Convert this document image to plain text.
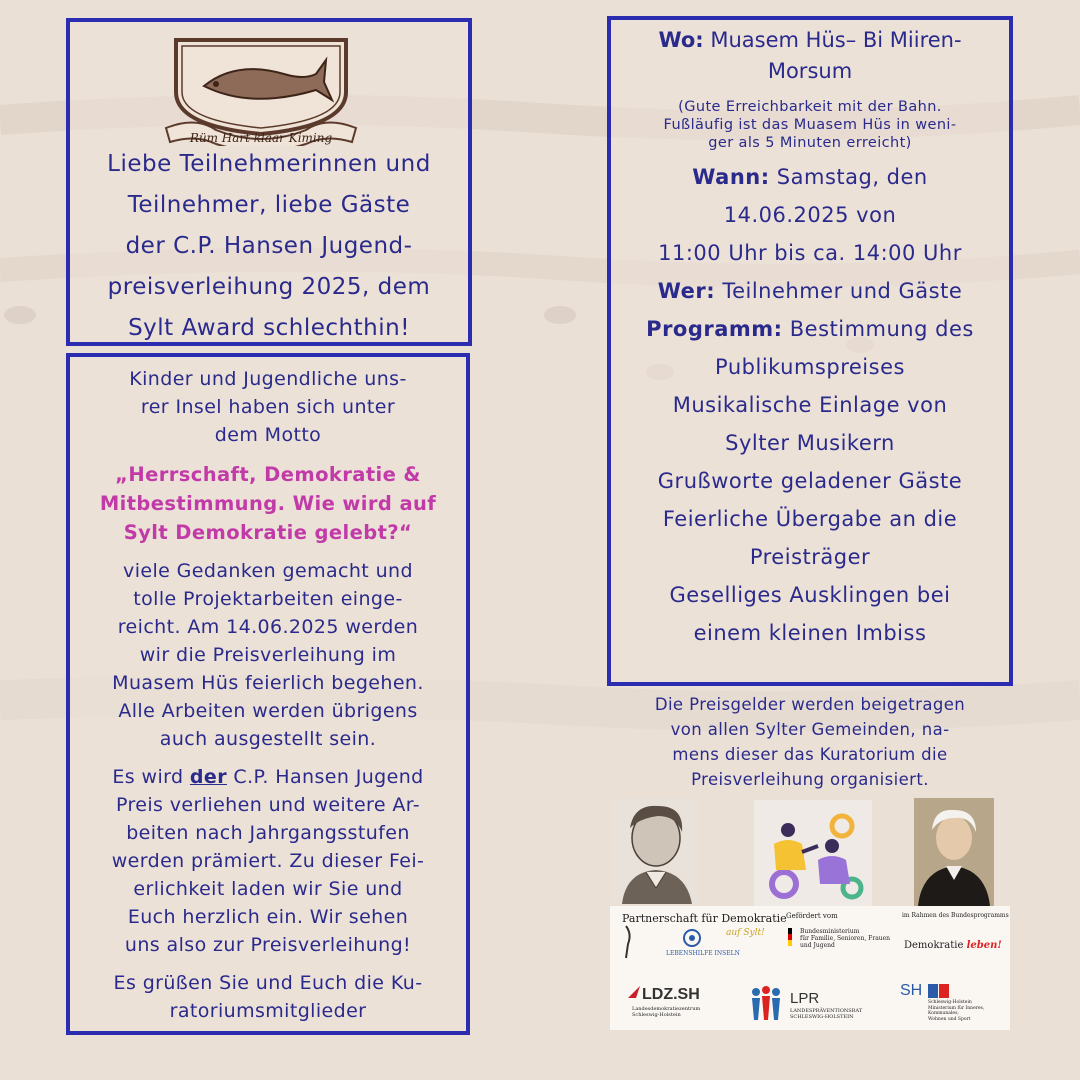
Rüm Hart klaar Kiming

Liebe Teilnehmerinnen und

Teilnehmer, liebe Gäste

der C.P. Hansen Jugend-

preisverleihung 2025, dem

Sylt Award schlechthin!

Kinder und Jugendliche uns-

rer Insel haben sich unter

dem Motto

„Herrschaft, Demokratie &

Mitbestimmung. Wie wird auf

Sylt Demokratie gelebt?“

viele Gedanken gemacht und

tolle Projektarbeiten einge-

reicht. Am 14.06.2025 werden

wir die Preisverleihung im

Muasem Hüs feierlich begehen.

Alle Arbeiten werden übrigens

auch ausgestellt sein.

Es wird der C.P. Hansen Jugend

Preis verliehen und weitere Ar-

beiten nach Jahrgangsstufen

werden prämiert. Zu dieser Fei-

erlichkeit laden wir Sie und

Euch herzlich ein. Wir sehen

uns also zur Preisverleihung!

Es grüßen Sie und Euch die Ku-

ratoriumsmitglieder

Wo: Muasem Hüs– Bi Miiren-

Morsum

(Gute Erreichbarkeit mit der Bahn.

Fußläufig ist das Muasem Hüs in weni-

ger als 5 Minuten erreicht)

Wann: Samstag, den

14.06.2025 von

11:00 Uhr bis ca. 14:00 Uhr

Wer: Teilnehmer und Gäste

Programm: Bestimmung des

Publikumspreises

Musikalische Einlage von

Sylter Musikern

Grußworte geladener Gäste

Feierliche Übergabe an die

Preisträger

Geselliges Ausklingen bei

einem kleinen Imbiss

Die Preisgelder werden beigetragen

von allen Sylter Gemeinden, na-

mens dieser das Kuratorium die

Preisverleihung organisiert.

Partnerschaft für Demokratie
auf Sylt!
LEBENSHILFE INSELN
Gefördert vom
Bundesministerium
für Familie, Senioren, Frauen
und Jugend
im Rahmen des Bundesprogramms
Demokratie leben!
LDZ.SH
Landesdemokratiezentrum
Schleswig-Holstein
LPR
LANDESPRÄVENTIONSRAT
SCHLESWIG-HOLSTEIN
SH
Schleswig-Holstein
Ministerium für Inneres,
Kommunales,
Wohnen und Sport
